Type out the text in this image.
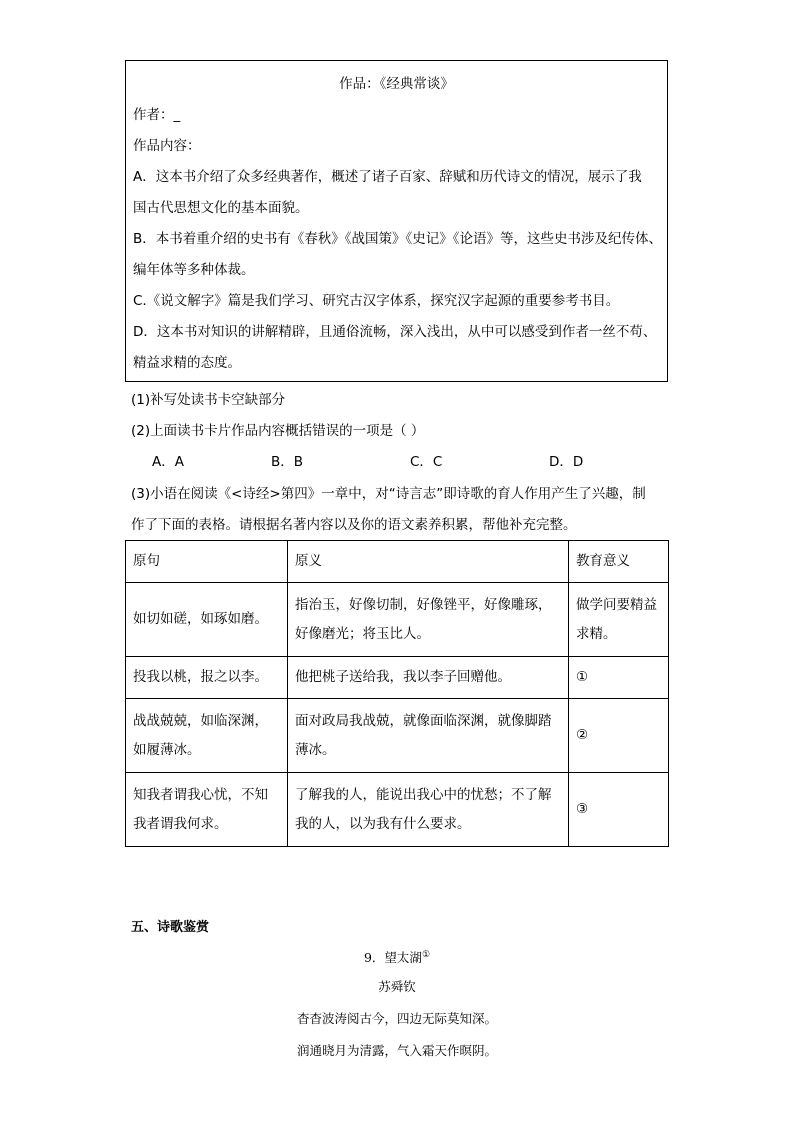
作品：《经典常谈》
作者：_
作品内容：
A．这本书介绍了众多经典著作，概述了诸子百家、辞赋和历代诗文的情况，展示了我
国古代思想文化的基本面貌。
B．本书着重介绍的史书有《春秋》《战国策》《史记》《论语》等，这些史书涉及纪传体、
编年体等多种体裁。
C.《说文解字》篇是我们学习、研究古汉字体系，探究汉字起源的重要参考书目。
D．这本书对知识的讲解精辟，且通俗流畅，深入浅出，从中可以感受到作者一丝不苟、
精益求精的态度。
(1)补写处读书卡空缺部分
(2)上面读书卡片作品内容概括错误的一项是（ ）
A．A	B．B	C．C	D．D
(3)小语在阅读《<诗经>第四》一章中，对“诗言志”即诗歌的育人作用产生了兴趣，制
作了下面的表格。请根据名著内容以及你的语文素养积累，帮他补充完整。
原句	原义	教育意义
如切如磋，如琢如磨。	指治玉，好像切制，好像锉平，好像雕琢，好像磨光；将玉比人。	做学问要精益求精。
投我以桃，报之以李。	他把桃子送给我，我以李子回赠他。	①
战战兢兢，如临深渊，如履薄冰。	面对政局我战兢，就像面临深渊，就像脚踏薄冰。	②
知我者谓我心忧，不知我者谓我何求。	了解我的人，能说出我心中的忧愁；不了解我的人，以为我有什么要求。	③
五、诗歌鉴赏
9．望太湖①
苏舜钦
杳杳波涛阅古今，四边无际莫知深。
润通晓月为清露，气入霜天作暝阴。
